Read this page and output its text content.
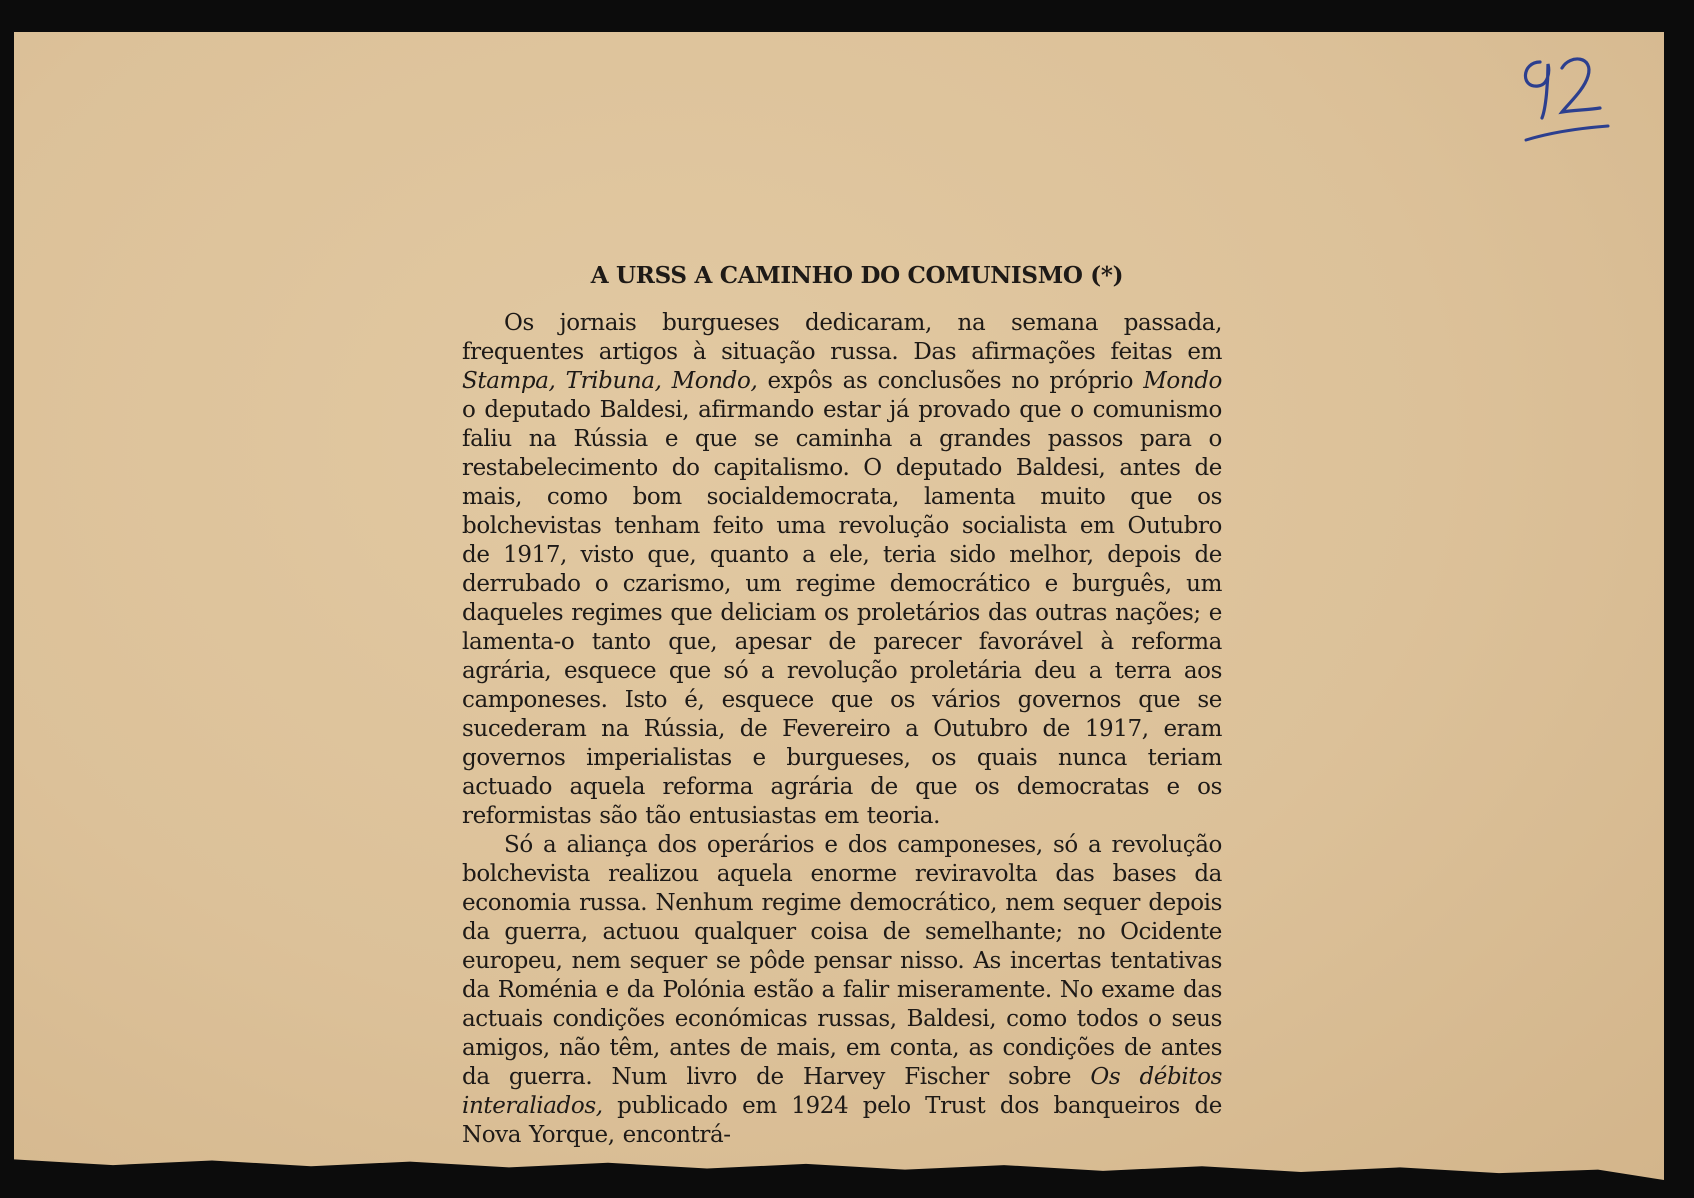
A URSS A CAMINHO DO COMUNISMO (*)

Os jornais burgueses dedicaram, na semana passada, frequentes artigos à situação russa. Das afirmações feitas em Stampa, Tribuna, Mondo, expôs as conclusões no próprio Mondo o deputado Baldesi, afirmando estar já provado que o comunismo faliu na Rússia e que se caminha a grandes passos para o restabelecimento do capitalismo. O deputado Baldesi, antes de mais, como bom socialdemocrata, lamenta muito que os bolchevistas tenham feito uma revolução socialista em Outubro de 1917, visto que, quanto a ele, teria sido melhor, depois de derrubado o czarismo, um regime democrático e burguês, um daqueles regimes que deliciam os proletários das outras nações; e lamenta-o tanto que, apesar de parecer favorável à reforma agrária, esquece que só a revolução proletária deu a terra aos camponeses. Isto é, esquece que os vários governos que se sucederam na Rússia, de Fevereiro a Outubro de 1917, eram governos imperialistas e burgueses, os quais nunca teriam actuado aquela reforma agrária de que os democratas e os reformistas são tão entusiastas em teoria.

Só a aliança dos operários e dos camponeses, só a revolução bolchevista realizou aquela enorme reviravolta das bases da economia russa. Nenhum regime democrático, nem sequer depois da guerra, actuou qualquer coisa de semelhante; no Ocidente europeu, nem sequer se pôde pensar nisso. As incertas tentativas da Roménia e da Polónia estão a falir miseramente. No exame das actuais condições económicas russas, Baldesi, como todos o seus amigos, não têm, antes de mais, em conta, as condições de antes da guerra. Num livro de Harvey Fischer sobre Os débitos interaliados, publicado em 1924 pelo Trust dos banqueiros de Nova Yorque, encontrá-
